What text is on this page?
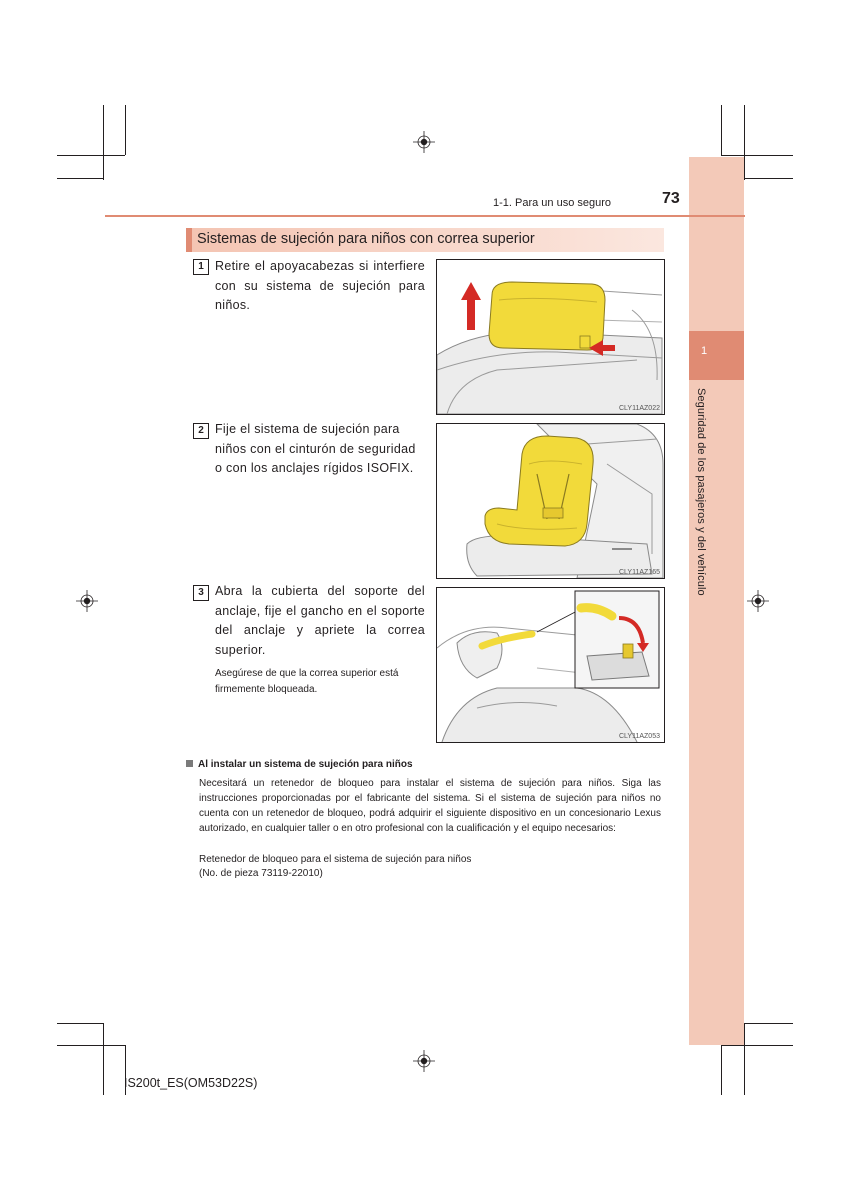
1
Seguridad de los pasajeros y del vehículo
1-1. Para un uso seguro	73
Sistemas de sujeción para niños con correa superior
1 Retire el apoyacabezas si interfiere con su sistema de sujeción para niños.
CLY11AZ022
2 Fije el sistema de sujeción para niños con el cinturón de seguridad o con los anclajes rígidos ISOFIX.
CLY11AZ165
3 Abra la cubierta del soporte del anclaje, fije el gancho en el soporte del anclaje y apriete la correa superior.
Asegúrese de que la correa superior está firmemente bloqueada.
CLY11AZ053
Al instalar un sistema de sujeción para niños
Necesitará un retenedor de bloqueo para instalar el sistema de sujeción para niños. Siga las instrucciones proporcionadas por el fabricante del sistema. Si el sistema de sujeción para niños no cuenta con un retenedor de bloqueo, podrá adquirir el siguiente dispositivo en un concesionario Lexus autorizado, en cualquier taller o en otro profesional con la cualificación y el equipo necesarios:
Retenedor de bloqueo para el sistema de sujeción para niños
(No. de pieza 73119-22010)
IS200t_ES(OM53D22S)
